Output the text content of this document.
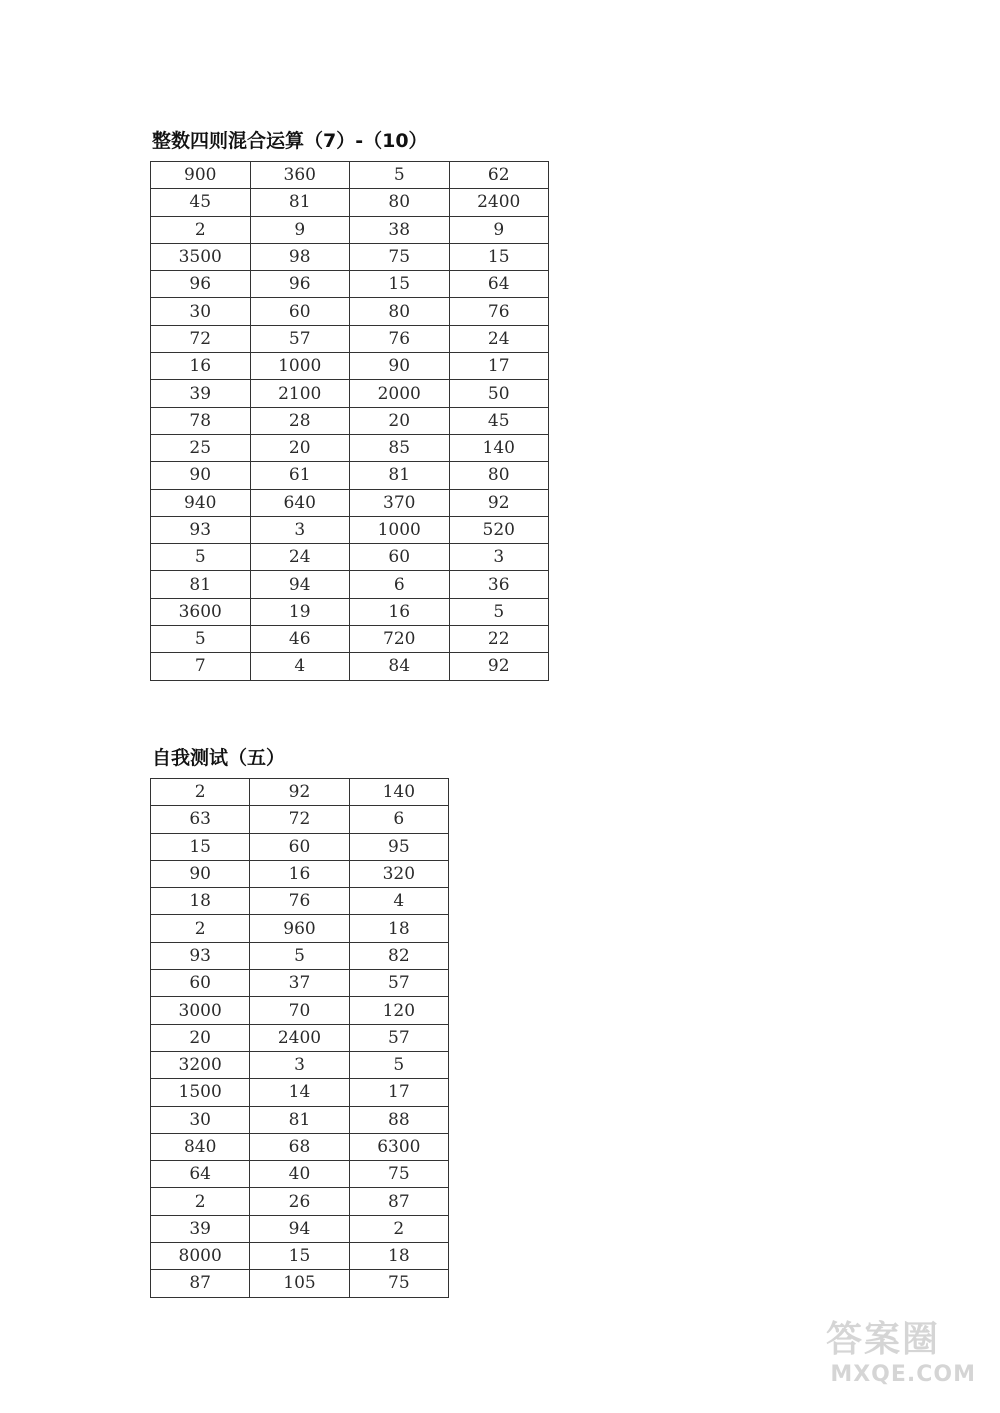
整数四则混合运算（7）-（10）
900	360	5	62
45	81	80	2400
2	9	38	9
3500	98	75	15
96	96	15	64
30	60	80	76
72	57	76	24
16	1000	90	17
39	2100	2000	50
78	28	20	45
25	20	85	140
90	61	81	80
940	640	370	92
93	3	1000	520
5	24	60	3
81	94	6	36
3600	19	16	5
5	46	720	22
7	4	84	92
自我测试（五）
2	92	140
63	72	6
15	60	95
90	16	320
18	76	4
2	960	18
93	5	82
60	37	57
3000	70	120
20	2400	57
3200	3	5
1500	14	17
30	81	88
840	68	6300
64	40	75
2	26	87
39	94	2
8000	15	18
87	105	75
答案圈
MXQE.COM
